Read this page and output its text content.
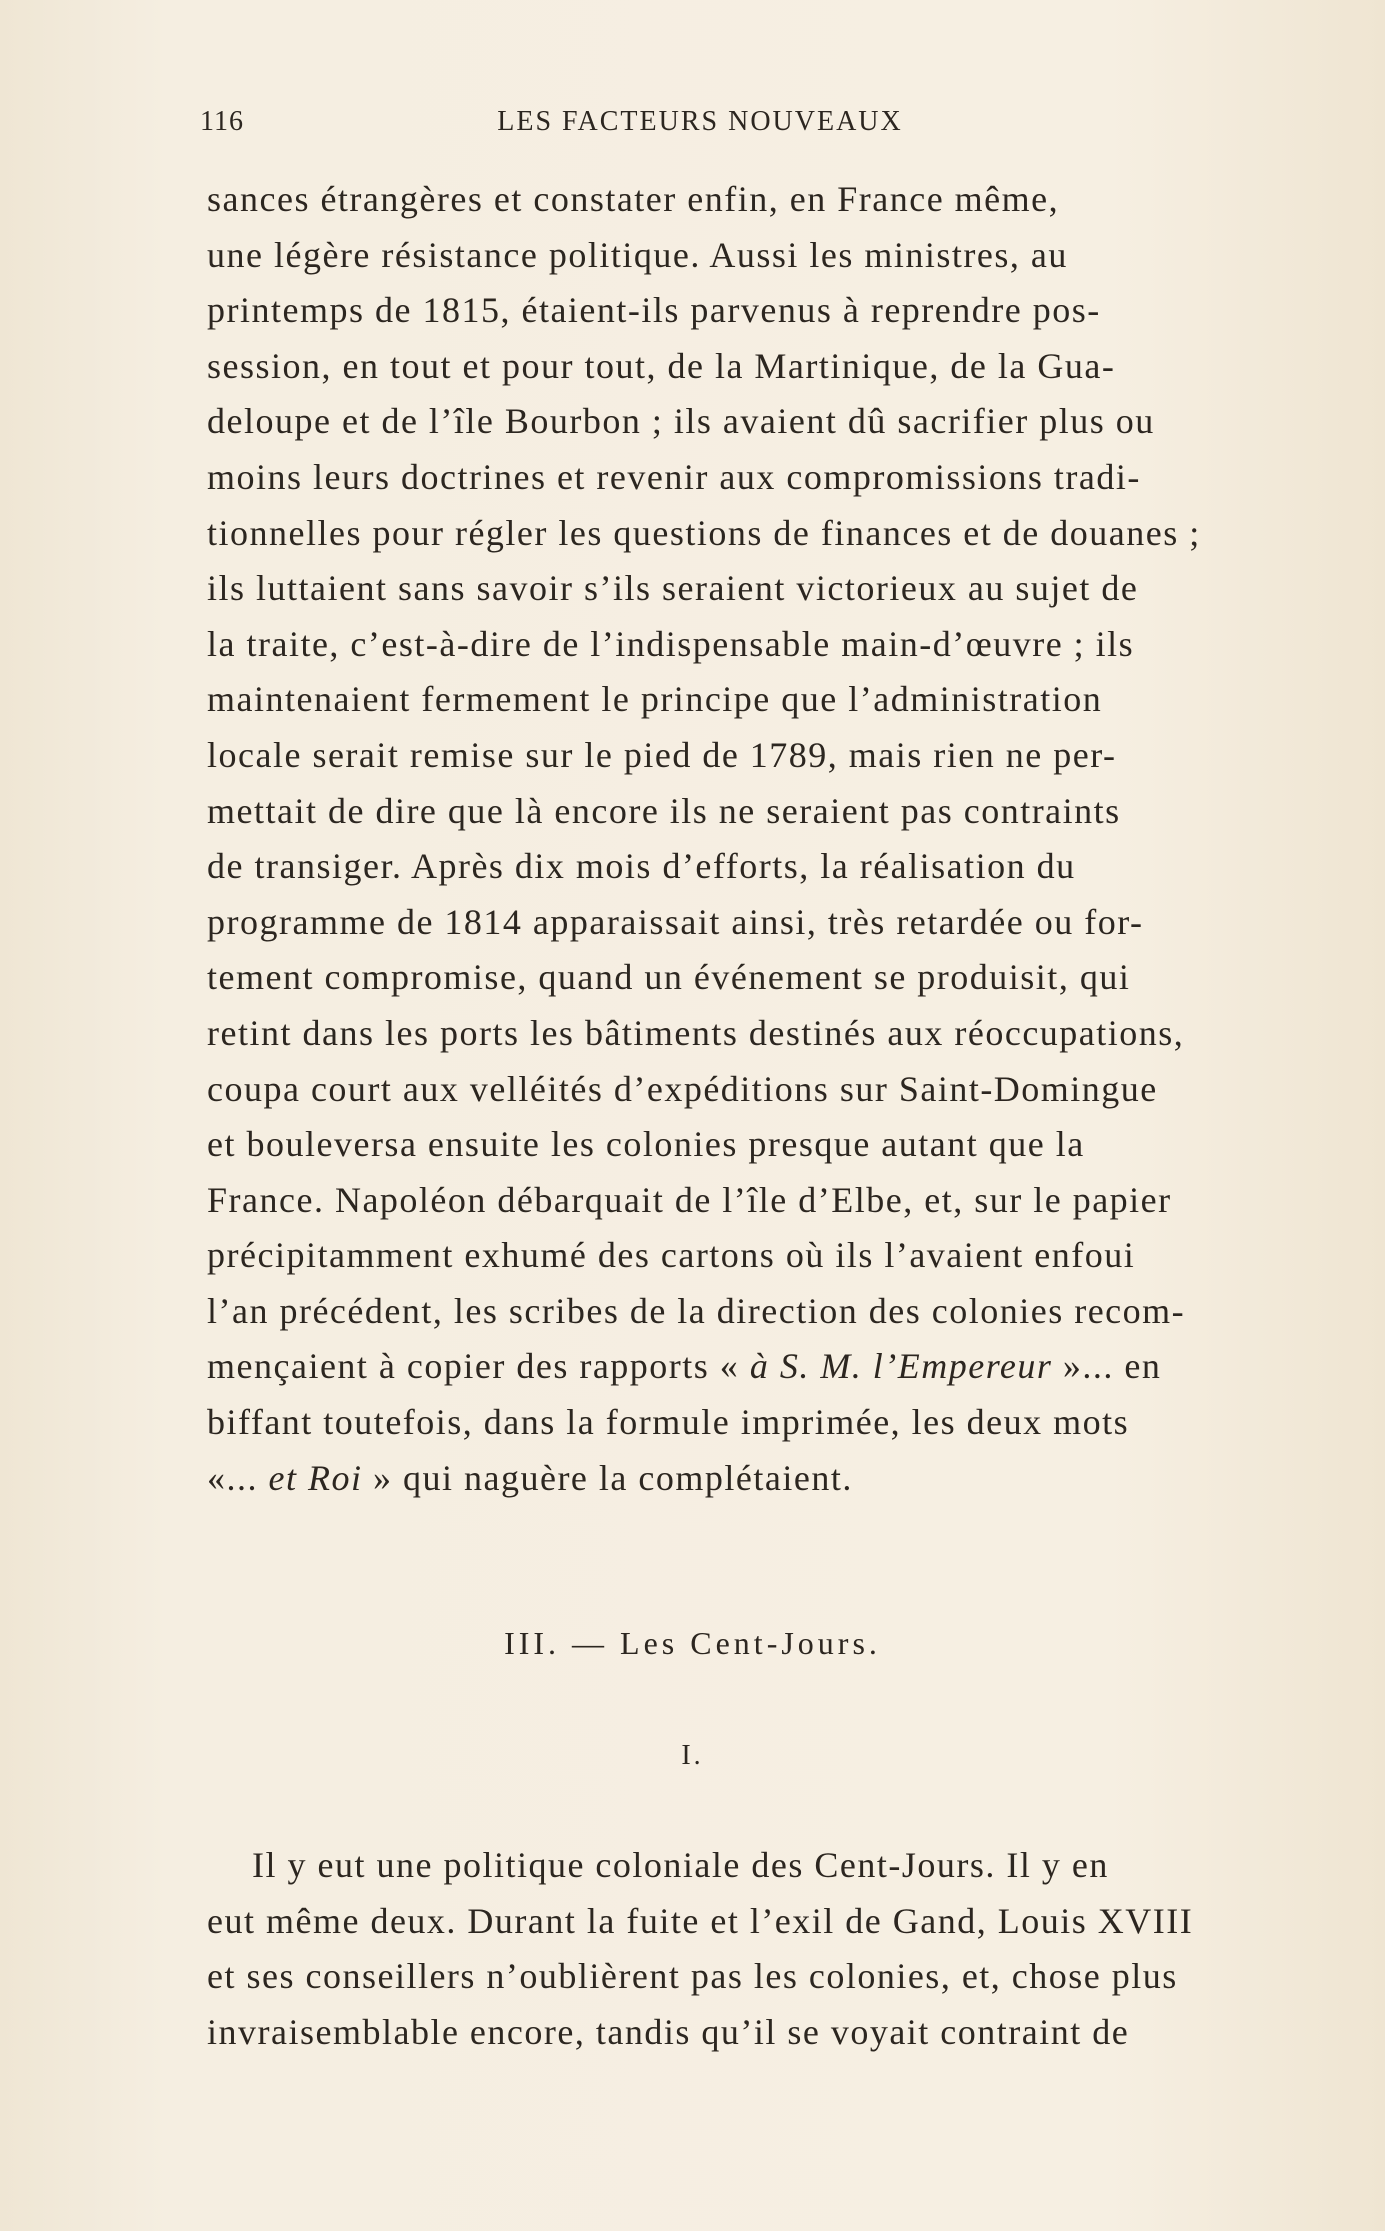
116	LES FACTEURS NOUVEAUX
sances étrangères et constater enfin, en France même,
une légère résistance politique. Aussi les ministres, au
printemps de 1815, étaient-ils parvenus à reprendre pos-
session, en tout et pour tout, de la Martinique, de la Gua-
deloupe et de l’île Bourbon ; ils avaient dû sacrifier plus ou
moins leurs doctrines et revenir aux compromissions tradi-
tionnelles pour régler les questions de finances et de douanes ;
ils luttaient sans savoir s’ils seraient victorieux au sujet de
la traite, c’est-à-dire de l’indispensable main-d’œuvre ; ils
maintenaient fermement le principe que l’administration
locale serait remise sur le pied de 1789, mais rien ne per-
mettait de dire que là encore ils ne seraient pas contraints
de transiger. Après dix mois d’efforts, la réalisation du
programme de 1814 apparaissait ainsi, très retardée ou for-
tement compromise, quand un événement se produisit, qui
retint dans les ports les bâtiments destinés aux réoccupations,
coupa court aux velléités d’expéditions sur Saint-Domingue
et bouleversa ensuite les colonies presque autant que la
France. Napoléon débarquait de l’île d’Elbe, et, sur le papier
précipitamment exhumé des cartons où ils l’avaient enfoui
l’an précédent, les scribes de la direction des colonies recom-
mençaient à copier des rapports « à S. M. l’Empereur »... en
biffant toutefois, dans la formule imprimée, les deux mots
«... et Roi » qui naguère la complétaient.
III. — Les Cent-Jours.
I.
Il y eut une politique coloniale des Cent-Jours. Il y en
eut même deux. Durant la fuite et l’exil de Gand, Louis XVIII
et ses conseillers n’oublièrent pas les colonies, et, chose plus
invraisemblable encore, tandis qu’il se voyait contraint de
